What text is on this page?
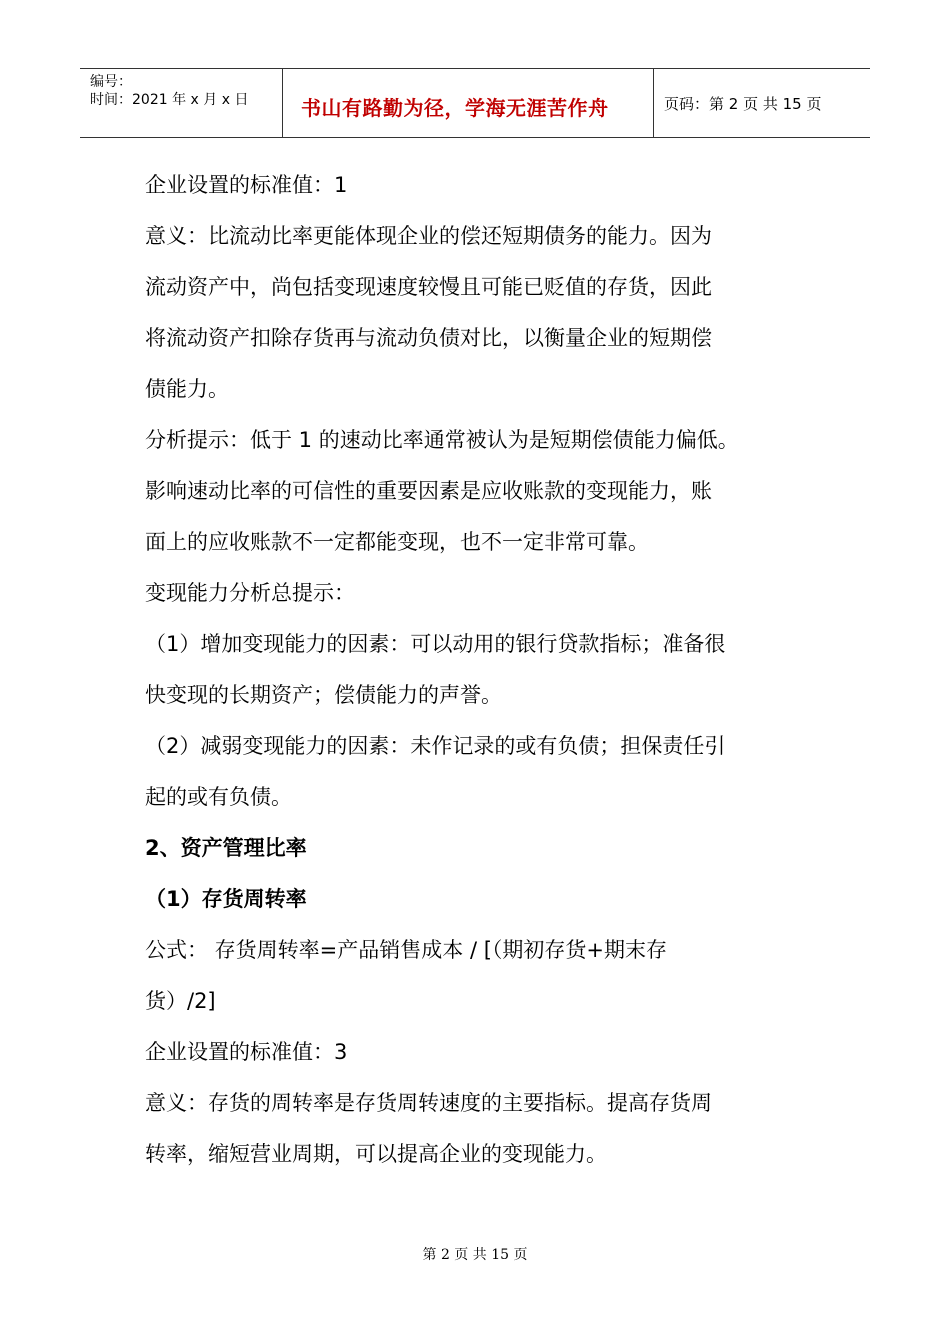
编号：
时间：2021 年 x 月 x 日	书山有路勤为径，学海无涯苦作舟	页码：第 2 页 共 15 页

企业设置的标准值：1

意义：比流动比率更能体现企业的偿还短期债务的能力。因为

流动资产中，尚包括变现速度较慢且可能已贬值的存货，因此

将流动资产扣除存货再与流动负债对比，以衡量企业的短期偿

债能力。

分析提示：低于 1 的速动比率通常被认为是短期偿债能力偏低。

影响速动比率的可信性的重要因素是应收账款的变现能力，账

面上的应收账款不一定都能变现，也不一定非常可靠。

变现能力分析总提示：

（1）增加变现能力的因素：可以动用的银行贷款指标；准备很

快变现的长期资产；偿债能力的声誉。

（2）减弱变现能力的因素：未作记录的或有负债；担保责任引

起的或有负债。

2、资产管理比率

（1）存货周转率

公式： 存货周转率=产品销售成本 / [（期初存货+期末存

货）/2]

企业设置的标准值：3

意义：存货的周转率是存货周转速度的主要指标。提高存货周

转率，缩短营业周期，可以提高企业的变现能力。

第 2 页 共 15 页
